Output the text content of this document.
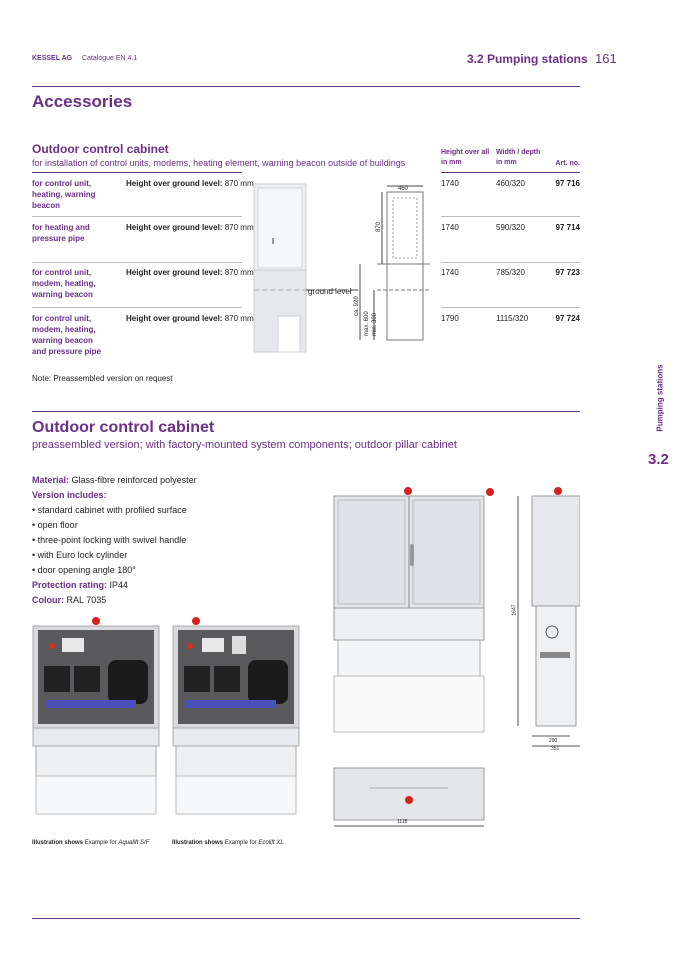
KESSEL AG Catalogue EN 4.1	3.2 Pumping stations 161
Accessories
Outdoor control cabinet
for installation of control units, modems, heating element, warning beacon outside of buildings
Height over all in mm
Width / depth in mm	Art. no.
for control unit, heating, warning beacon
Height over ground level: 870 mm	1740	460/320	97 716
for heating and pressure pipe
Height over ground level: 870 mm	1740	590/320	97 714
for control unit, modem, heating, warning beacon
Height over ground level: 870 mm	1740	785/320	97 723
for control unit, modem, heating, warning beacon and pressure pipe
Height over ground level: 870 mm	1790	1115/320	97 724
Note: Preassembled version on request
ground level
460
870
ca. 920
max. 600 min. 300
Outdoor control cabinet
preassembled version; with factory-mounted system components; outdoor pillar cabinet
Material: Glass-fibre reinforced polyester
Version includes:
• standard cabinet with profiled surface
• open floor
• three-point locking with swivel handle
• with Euro lock cylinder
• door opening angle 180°
Protection rating: IP44
Colour: RAL 7035
1115
1647
290
351
Illustration shows Example for Aqualift S/F	Illustration shows Example for Ecolift XL
Pumping stations
3.2
